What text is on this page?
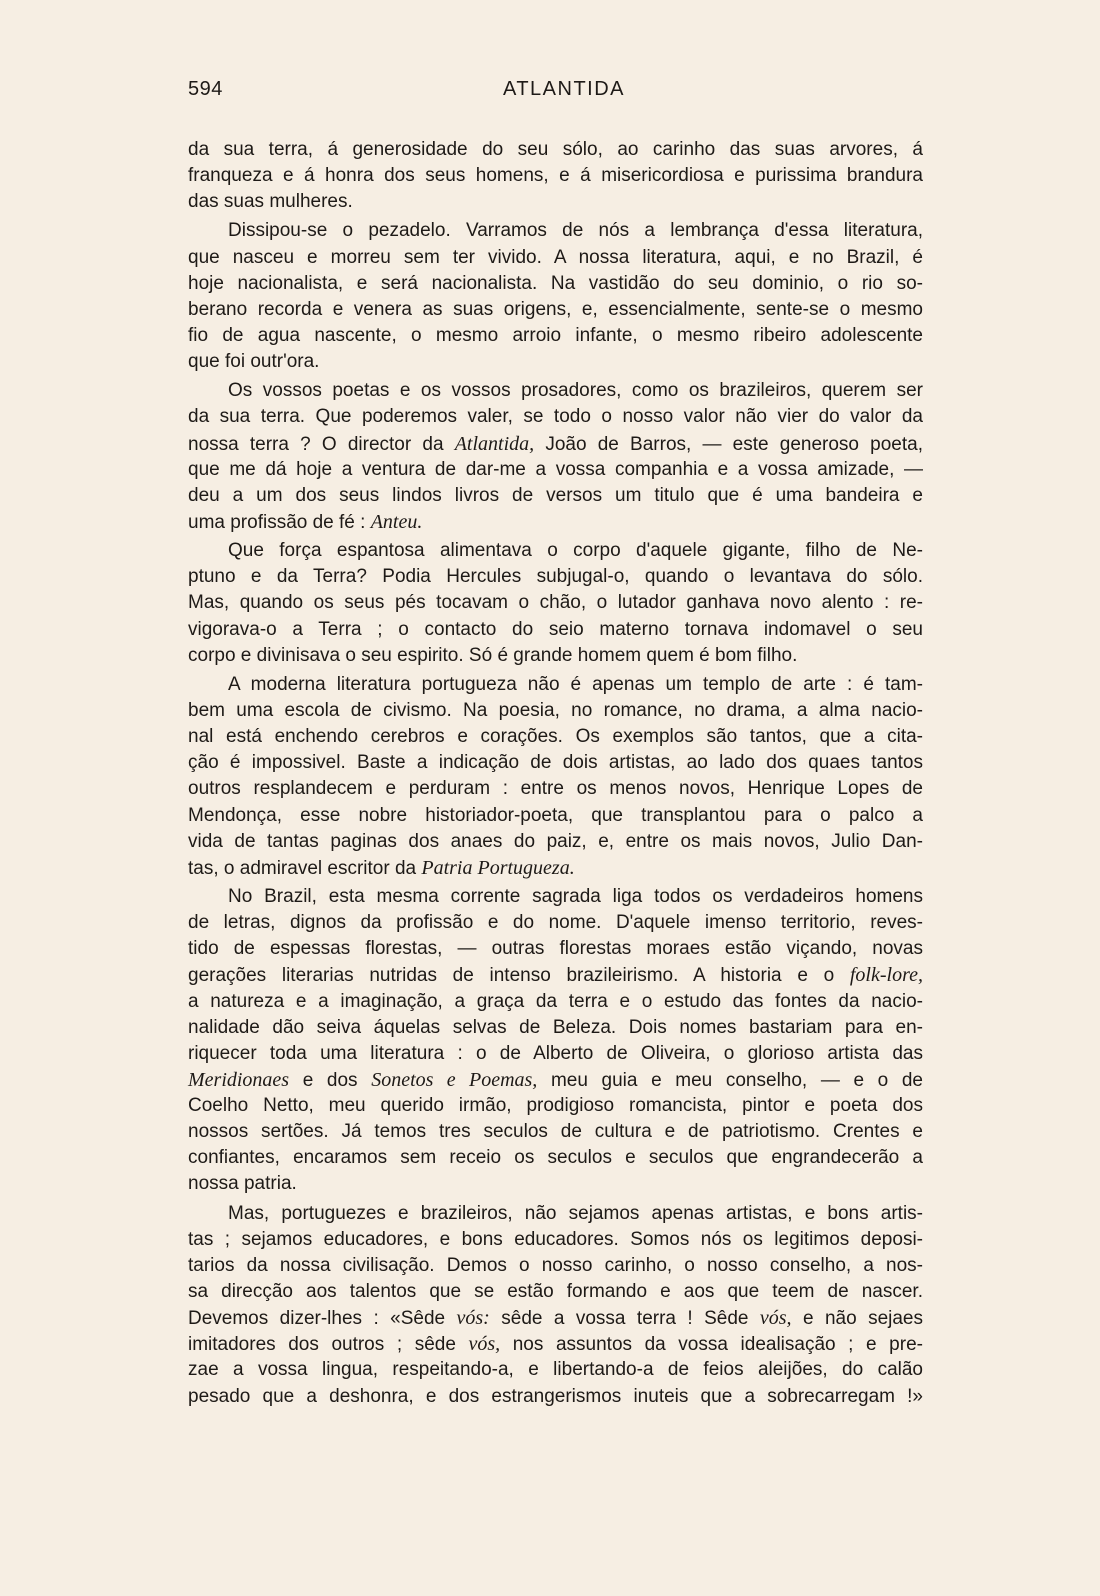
594	ATLANTIDA
da sua terra, á generosidade do seu sólo, ao carinho das suas arvores, á
franqueza e á honra dos seus homens, e á misericordiosa e purissima brandura
das suas mulheres.
Dissipou-se o pezadelo. Varramos de nós a lembrança d'essa literatura,
que nasceu e morreu sem ter vivido. A nossa literatura, aqui, e no Brazil, é
hoje nacionalista, e será nacionalista. Na vastidão do seu dominio, o rio so-
berano recorda e venera as suas origens, e, essencialmente, sente-se o mesmo
fio de agua nascente, o mesmo arroio infante, o mesmo ribeiro adolescente
que foi outr'ora.
Os vossos poetas e os vossos prosadores, como os brazileiros, querem ser
da sua terra. Que poderemos valer, se todo o nosso valor não vier do valor da
nossa terra ? O director da Atlantida, João de Barros, — este generoso poeta,
que me dá hoje a ventura de dar-me a vossa companhia e a vossa amizade, —
deu a um dos seus lindos livros de versos um titulo que é uma bandeira e
uma profissão de fé : Anteu.
Que força espantosa alimentava o corpo d'aquele gigante, filho de Ne-
ptuno e da Terra? Podia Hercules subjugal-o, quando o levantava do sólo.
Mas, quando os seus pés tocavam o chão, o lutador ganhava novo alento : re-
vigorava-o a Terra ; o contacto do seio materno tornava indomavel o seu
corpo e divinisava o seu espirito. Só é grande homem quem é bom filho.
A moderna literatura portugueza não é apenas um templo de arte : é tam-
bem uma escola de civismo. Na poesia, no romance, no drama, a alma nacio-
nal está enchendo cerebros e corações. Os exemplos são tantos, que a cita-
ção é impossivel. Baste a indicação de dois artistas, ao lado dos quaes tantos
outros resplandecem e perduram : entre os menos novos, Henrique Lopes de
Mendonça, esse nobre historiador-poeta, que transplantou para o palco a
vida de tantas paginas dos anaes do paiz, e, entre os mais novos, Julio Dan-
tas, o admiravel escritor da Patria Portugueza.
No Brazil, esta mesma corrente sagrada liga todos os verdadeiros homens
de letras, dignos da profissão e do nome. D'aquele imenso territorio, reves-
tido de espessas florestas, — outras florestas moraes estão viçando, novas
gerações literarias nutridas de intenso brazileirismo. A historia e o folk-lore,
a natureza e a imaginação, a graça da terra e o estudo das fontes da nacio-
nalidade dão seiva áquelas selvas de Beleza. Dois nomes bastariam para en-
riquecer toda uma literatura : o de Alberto de Oliveira, o glorioso artista das
Meridionaes e dos Sonetos e Poemas, meu guia e meu conselho, — e o de
Coelho Netto, meu querido irmão, prodigioso romancista, pintor e poeta dos
nossos sertões. Já temos tres seculos de cultura e de patriotismo. Crentes e
confiantes, encaramos sem receio os seculos e seculos que engrandecerão a
nossa patria.
Mas, portuguezes e brazileiros, não sejamos apenas artistas, e bons artis-
tas ; sejamos educadores, e bons educadores. Somos nós os legitimos deposi-
tarios da nossa civilisação. Demos o nosso carinho, o nosso conselho, a nos-
sa direcção aos talentos que se estão formando e aos que teem de nascer.
Devemos dizer-lhes : «Sêde vós: sêde a vossa terra ! Sêde vós, e não sejaes
imitadores dos outros ; sêde vós, nos assuntos da vossa idealisação ; e pre-
zae a vossa lingua, respeitando-a, e libertando-a de feios aleijões, do calão
pesado que a deshonra, e dos estrangerismos inuteis que a sobrecarregam !»
